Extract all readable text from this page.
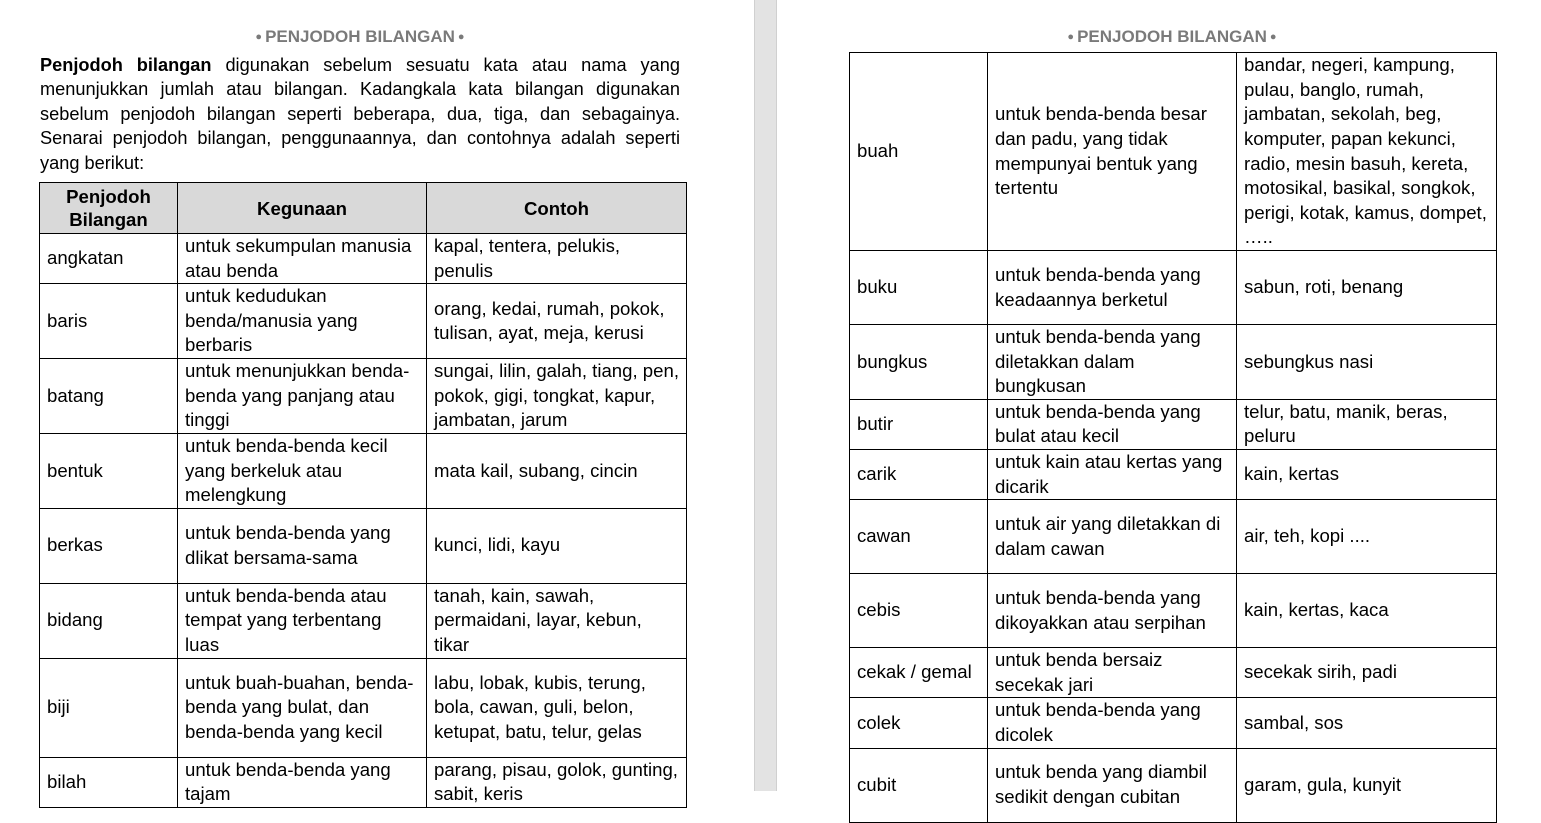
● PENJODOH BILANGAN ●

Penjodoh bilangan digunakan sebelum sesuatu kata atau nama yang menunjukkan jumlah atau bilangan. Kadangkala kata bilangan digunakan sebelum penjodoh bilangan seperti beberapa, dua, tiga, dan sebagainya. Senarai penjodoh bilangan, penggunaannya, dan contohnya adalah seperti yang berikut:

Penjodoh Bilangan	Kegunaan	Contoh
angkatan	untuk sekumpulan manusia atau benda	kapal, tentera, pelukis, penulis
baris	untuk kedudukan benda/manusia yang berbaris	orang, kedai, rumah, pokok, tulisan, ayat, meja, kerusi
batang	untuk menunjukkan benda-benda yang panjang atau tinggi	sungai, lilin, galah, tiang, pen, pokok, gigi, tongkat, kapur, jambatan, jarum
bentuk	untuk benda-benda kecil yang berkeluk atau melengkung	mata kail, subang, cincin
berkas	untuk benda-benda yang dlikat bersama-sama	kunci, lidi, kayu
bidang	untuk benda-benda atau tempat yang terbentang luas	tanah, kain, sawah, permaidani, layar, kebun, tikar
biji	untuk buah-buahan, benda-benda yang bulat, dan benda-benda yang kecil	labu, lobak, kubis, terung, bola, cawan, guli, belon, ketupat, batu, telur, gelas
bilah	untuk benda-benda yang tajam	parang, pisau, golok, gunting, sabit, keris
● PENJODOH BILANGAN ●
buah	untuk benda-benda besar dan padu, yang tidak mempunyai bentuk yang tertentu	bandar, negeri, kampung, pulau, banglo, rumah, jambatan, sekolah, beg, komputer, papan kekunci, radio, mesin basuh, kereta, motosikal, basikal, songkok, perigi, kotak, kamus, dompet, …..
buku	untuk benda-benda yang keadaannya berketul	sabun, roti, benang
bungkus	untuk benda-benda yang diletakkan dalam bungkusan	sebungkus nasi
butir	untuk benda-benda yang bulat atau kecil	telur, batu, manik, beras, peluru
carik	untuk kain atau kertas yang dicarik	kain, kertas
cawan	untuk air yang diletakkan di dalam cawan	air, teh, kopi ....
cebis	untuk benda-benda yang dikoyakkan atau serpihan	kain, kertas, kaca
cekak / gemal	untuk benda bersaiz secekak jari	secekak sirih, padi
colek	untuk benda-benda yang dicolek	sambal, sos
cubit	untuk benda yang diambil sedikit dengan cubitan	garam, gula, kunyit
